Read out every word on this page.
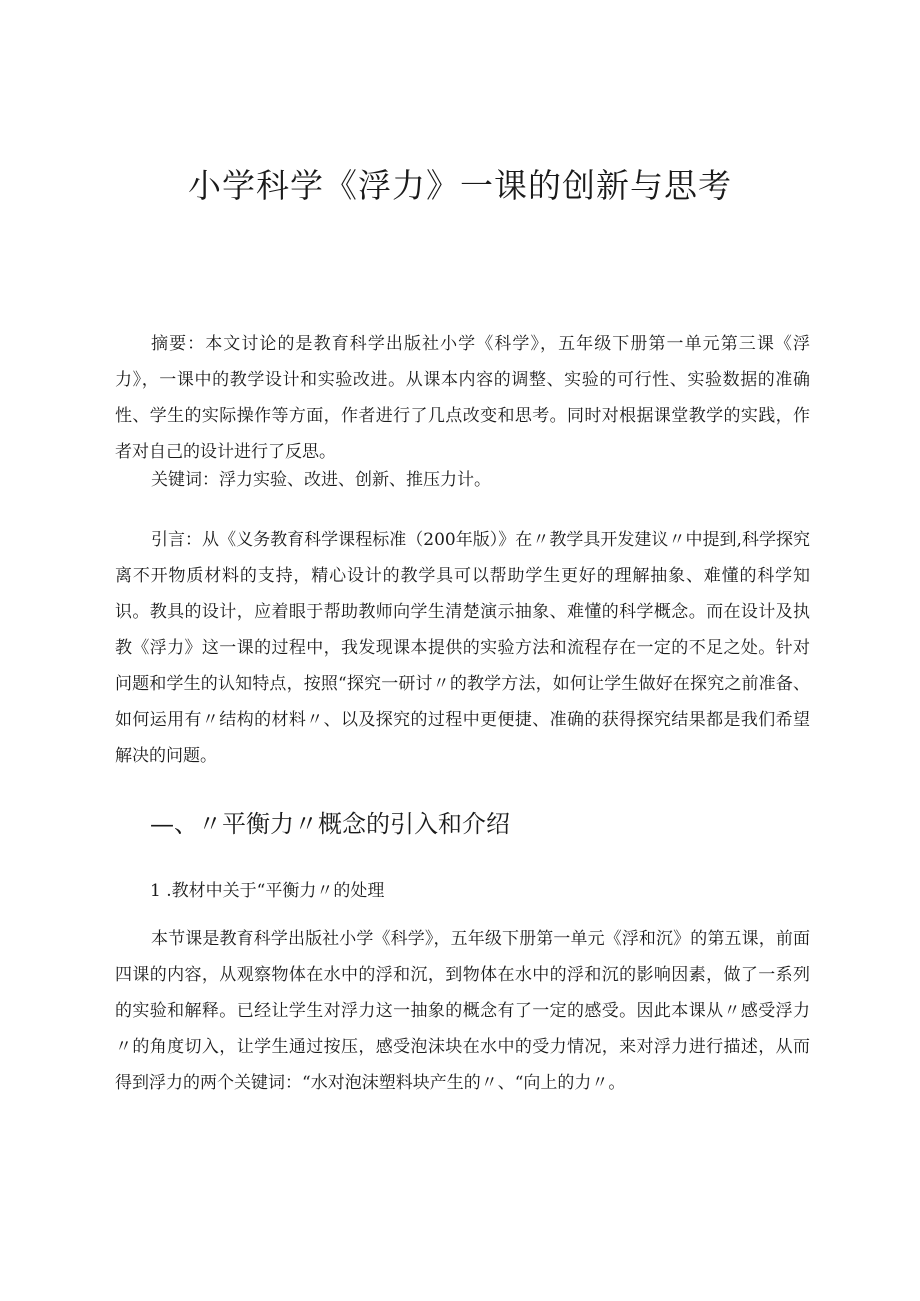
小学科学《浮力》一课的创新与思考

摘要：本文讨论的是教育科学出版社小学《科学》，五年级下册第一单元第三课《浮力》，一课中的教学设计和实验改进。从课本内容的调整、实验的可行性、实验数据的准确性、学生的实际操作等方面，作者进行了几点改变和思考。同时对根据课堂教学的实践，作者对自己的设计进行了反思。

关键词：浮力实验、改进、创新、推压力计。

引言：从《义务教育科学课程标准（200年版）》在〃教学具开发建议〃中提到,科学探究离不开物质材料的支持，精心设计的教学具可以帮助学生更好的理解抽象、难懂的科学知识。教具的设计，应着眼于帮助教师向学生清楚演示抽象、难懂的科学概念。而在设计及执教《浮力》这一课的过程中，我发现课本提供的实验方法和流程存在一定的不足之处。针对问题和学生的认知特点，按照“探究一研讨〃的教学方法，如何让学生做好在探究之前准备、如何运用有〃结构的材料〃、以及探究的过程中更便捷、准确的获得探究结果都是我们希望解决的问题。

—、〃平衡力〃概念的引入和介绍
1 .教材中关于“平衡力〃的处理

本节课是教育科学出版社小学《科学》，五年级下册第一单元《浮和沉》的第五课，前面四课的内容，从观察物体在水中的浮和沉，到物体在水中的浮和沉的影响因素，做了一系列的实验和解释。已经让学生对浮力这一抽象的概念有了一定的感受。因此本课从〃感受浮力〃的角度切入，让学生通过按压，感受泡沫块在水中的受力情况，来对浮力进行描述，从而得到浮力的两个关键词：“水对泡沫塑料块产生的〃、“向上的力〃。
